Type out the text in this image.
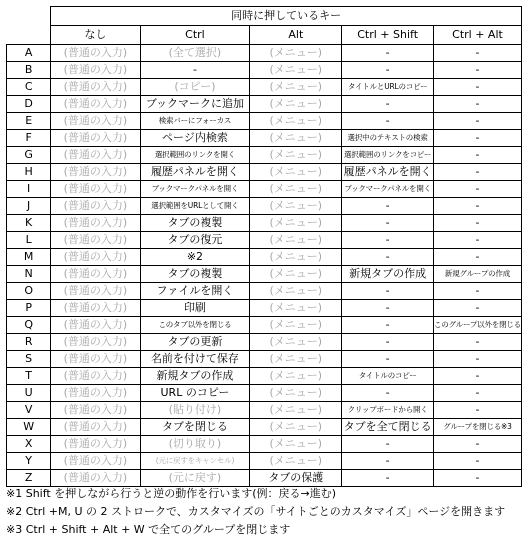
	同時に押しているキー				
	なし	Ctrl	Alt	Ctrl + Shift	Ctrl + Alt
A	(普通の入力)	(全て選択)	(メニュー)	-	-
B	(普通の入力)	-	(メニュー)	-	-
C	(普通の入力)	(コピー)	(メニュー)	タイトルとURLのコピー	-
D	(普通の入力)	ブックマークに追加	(メニュー)	-	-
E	(普通の入力)	検索バーにフォーカス	(メニュー)	-	-
F	(普通の入力)	ページ内検索	(メニュー)	選択中のテキストの検索	-
G	(普通の入力)	選択範囲のリンクを開く	(メニュー)	選択範囲のリンクをコピー	-
H	(普通の入力)	履歴パネルを開く	(メニュー)	履歴パネルを開く	-
I	(普通の入力)	ブックマークパネルを開く	(メニュー)	ブックマークパネルを開く	-
J	(普通の入力)	選択範囲をURLとして開く	(メニュー)	-	-
K	(普通の入力)	タブの複製	(メニュー)	-	-
L	(普通の入力)	タブの復元	(メニュー)	-	-
M	(普通の入力)	※2	(メニュー)	-	-
N	(普通の入力)	タブの複製	(メニュー)	新規タブの作成	新規グループの作成
O	(普通の入力)	ファイルを開く	(メニュー)	-	-
P	(普通の入力)	印刷	(メニュー)	-	-
Q	(普通の入力)	このタブ以外を閉じる	(メニュー)	-	このグループ以外を閉じる
R	(普通の入力)	タブの更新	(メニュー)	-	-
S	(普通の入力)	名前を付けて保存	(メニュー)	-	-
T	(普通の入力)	新規タブの作成	(メニュー)	タイトルのコピー	-
U	(普通の入力)	URL のコピー	(メニュー)	-	-
V	(普通の入力)	(貼り付け)	(メニュー)	クリップボードから開く	-
W	(普通の入力)	タブを閉じる	(メニュー)	タブを全て閉じる	グループを閉じる※3
X	(普通の入力)	(切り取り)	(メニュー)	-	-
Y	(普通の入力)	(元に戻すをキャンセル)	(メニュー)	-	-
Z	(普通の入力)	(元に戻す)	タブの保護	-	-
※1 Shift を押しながら行うと逆の動作を行います(例：戻る→進む)
※2 Ctrl +M, U の 2 ストロークで、カスタマイズの「サイトごとのカスタマイズ」ページを開きます
※3 Ctrl + Shift + Alt + W で全てのグループを閉じます
